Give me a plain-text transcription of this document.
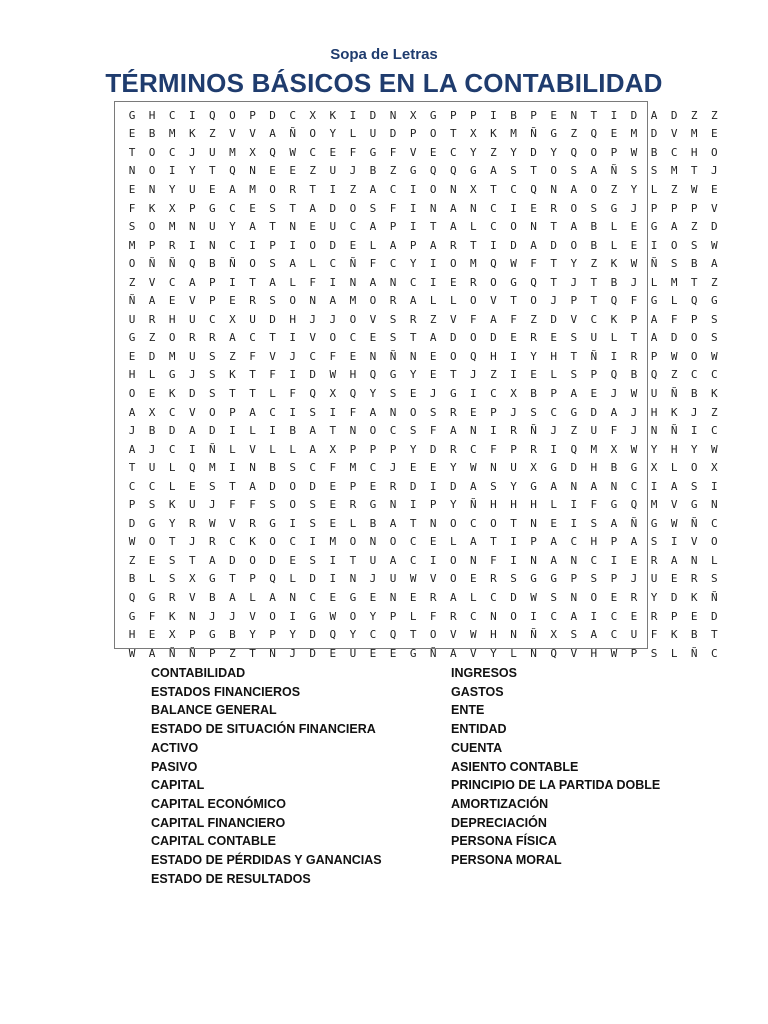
Sopa de Letras
TÉRMINOS BÁSICOS EN LA CONTABILIDAD
G	H	C	I	Q	O	P	D	C	X	K	I	D	N	X	G	P	P	I	B	P	E	N	T	I	D	A	D	Z	Z
E	B	M	K	Z	V	V	A	Ñ	O	Y	L	U	D	P	O	T	X	K	M	Ñ	G	Z	Q	E	M	D	V	M	E
T	O	C	J	U	M	X	Q	W	C	E	F	G	F	V	E	C	Y	Z	Y	D	Y	Q	O	P	W	B	C	H	O
N	O	I	Y	T	Q	N	E	E	Z	U	J	B	Z	G	Q	Q	G	A	S	T	O	S	A	Ñ	S	S	M	T	J
E	N	Y	U	E	A	M	O	R	T	I	Z	A	C	I	O	N	X	T	C	Q	N	A	O	Z	Y	L	Z	W	E
F	K	X	P	G	C	E	S	T	A	D	O	S	F	I	N	A	N	C	I	E	R	O	S	G	J	P	P	P	V
S	O	M	N	U	Y	A	T	N	E	U	C	A	P	I	T	A	L	C	O	N	T	A	B	L	E	G	A	Z	D
M	P	R	I	N	C	I	P	I	O	D	E	L	A	P	A	R	T	I	D	A	D	O	B	L	E	I	O	S	W
O	Ñ	Ñ	Q	B	Ñ	O	S	A	L	C	Ñ	F	C	Y	I	O	M	Q	W	F	T	Y	Z	K	W	Ñ	S	B	A
Z	V	C	A	P	I	T	A	L	F	I	N	A	N	C	I	E	R	O	G	Q	T	J	T	B	J	L	M	T	Z
Ñ	A	E	V	P	E	R	S	O	N	A	M	O	R	A	L	L	O	V	T	O	J	P	T	Q	F	G	L	Q	G
U	R	H	U	C	X	U	D	H	J	J	O	V	S	R	Z	V	F	A	F	Z	D	V	C	K	P	A	F	P	S
G	Z	O	R	R	A	C	T	I	V	O	C	E	S	T	A	D	O	D	E	R	E	S	U	L	T	A	D	O	S
E	D	M	U	S	Z	F	V	J	C	F	E	N	Ñ	N	E	O	Q	H	I	Y	H	T	Ñ	I	R	P	W	O	W
H	L	G	J	S	K	T	F	I	D	W	H	Q	G	Y	E	T	J	Z	I	E	L	S	P	Q	B	Q	Z	C	C
O	E	K	D	S	T	T	L	F	Q	X	Q	Y	S	E	J	G	I	C	X	B	P	A	E	J	W	U	Ñ	B	K
A	X	C	V	O	P	A	C	I	S	I	F	A	N	O	S	R	E	P	J	S	C	G	D	A	J	H	K	J	Z
J	B	D	A	D	I	L	I	B	A	T	N	O	C	S	F	A	N	I	R	Ñ	J	Z	U	F	J	N	Ñ	I	C
A	J	C	I	Ñ	L	V	L	L	A	X	P	P	P	Y	D	R	C	F	P	R	I	Q	M	X	W	Y	H	Y	W
T	U	L	Q	M	I	N	B	S	C	F	M	C	J	E	E	Y	W	N	U	X	G	D	H	B	G	X	L	O	X
C	C	L	E	S	T	A	D	O	D	E	P	E	R	D	I	D	A	S	Y	G	A	N	A	N	C	I	A	S	I
P	S	K	U	J	F	F	S	O	S	E	R	G	N	I	P	Y	Ñ	H	H	H	L	I	F	G	Q	M	V	G	N
D	G	Y	R	W	V	R	G	I	S	E	L	B	A	T	N	O	C	O	T	N	E	I	S	A	Ñ	G	W	Ñ	C
W	O	T	J	R	C	K	O	C	I	M	O	N	O	C	E	L	A	T	I	P	A	C	H	P	A	S	I	V	O
Z	E	S	T	A	D	O	D	E	S	I	T	U	A	C	I	O	N	F	I	N	A	N	C	I	E	R	A	N	L
B	L	S	X	G	T	P	Q	L	D	I	N	J	U	W	V	O	E	R	S	G	G	P	S	P	J	U	E	R	S
Q	G	R	V	B	A	L	A	N	C	E	G	E	N	E	R	A	L	C	D	W	S	N	O	E	R	Y	D	K	Ñ
G	F	K	N	J	J	V	O	I	G	W	O	Y	P	L	F	R	C	N	O	I	C	A	I	C	E	R	P	E	D
H	E	X	P	G	B	Y	P	Y	D	Q	Y	C	Q	T	O	V	W	H	N	Ñ	X	S	A	C	U	F	K	B	T
W	A	Ñ	Ñ	P	Z	T	N	J	D	E	U	E	E	G	Ñ	A	V	Y	L	N	Q	V	H	W	P	S	L	Ñ	C
CONTABILIDAD
ESTADOS FINANCIEROS
BALANCE GENERAL
ESTADO DE SITUACIÓN FINANCIERA
ACTIVO
PASIVO
CAPITAL
CAPITAL ECONÓMICO
CAPITAL FINANCIERO
CAPITAL CONTABLE
ESTADO DE PÉRDIDAS Y GANANCIAS
ESTADO DE RESULTADOS
INGRESOS
GASTOS
ENTE
ENTIDAD
CUENTA
ASIENTO CONTABLE
PRINCIPIO DE LA PARTIDA DOBLE
AMORTIZACIÓN
DEPRECIACIÓN
PERSONA FÍSICA
PERSONA MORAL
